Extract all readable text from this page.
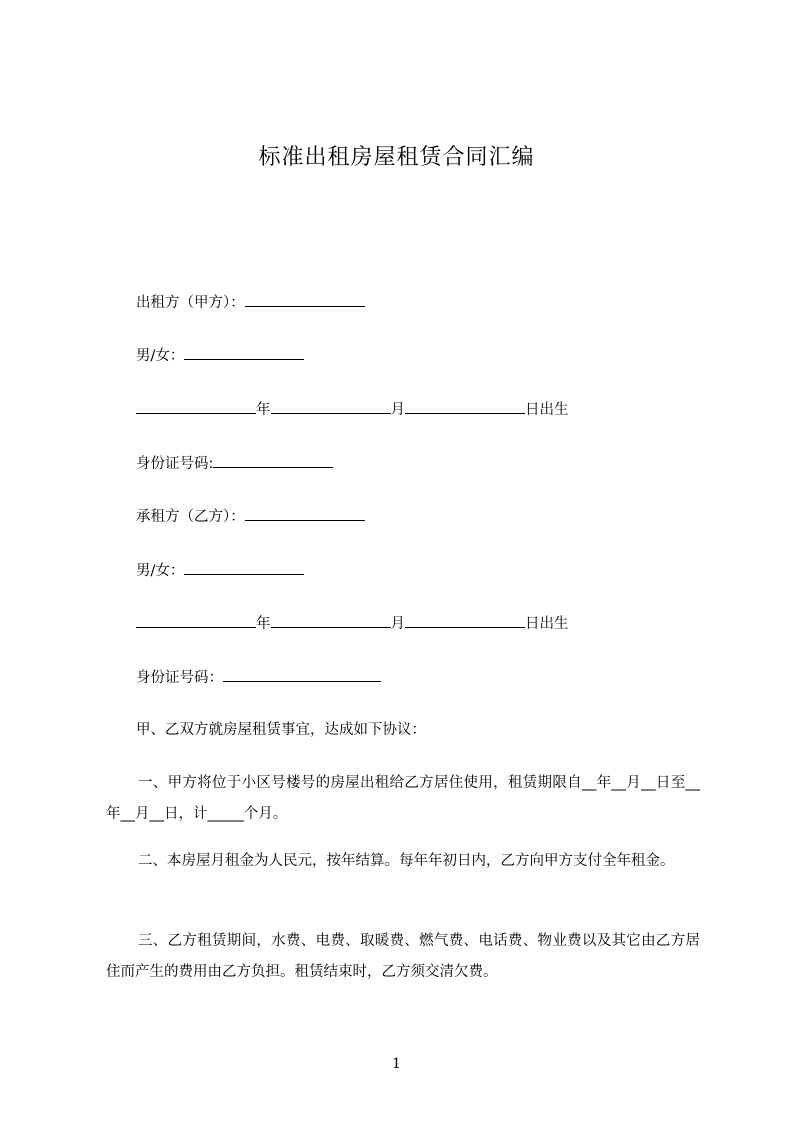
标准出租房屋租赁合同汇编
出租方（甲方）：
男/女：
年	月	日出生
身份证号码:
承租方（乙方）：
男/女：
年	月	日出生
身份证号码：
甲、乙双方就房屋租赁事宜，达成如下协议：
一、甲方将位于小区号楼号的房屋出租给乙方居住使用，租赁期限自__年__月__日至__年__月__日，计_____个月。
二、本房屋月租金为人民元，按年结算。每年年初日内，乙方向甲方支付全年租金。
三、乙方租赁期间，水费、电费、取暖费、燃气费、电话费、物业费以及其它由乙方居住而产生的费用由乙方负担。租赁结束时，乙方须交清欠费。
1
